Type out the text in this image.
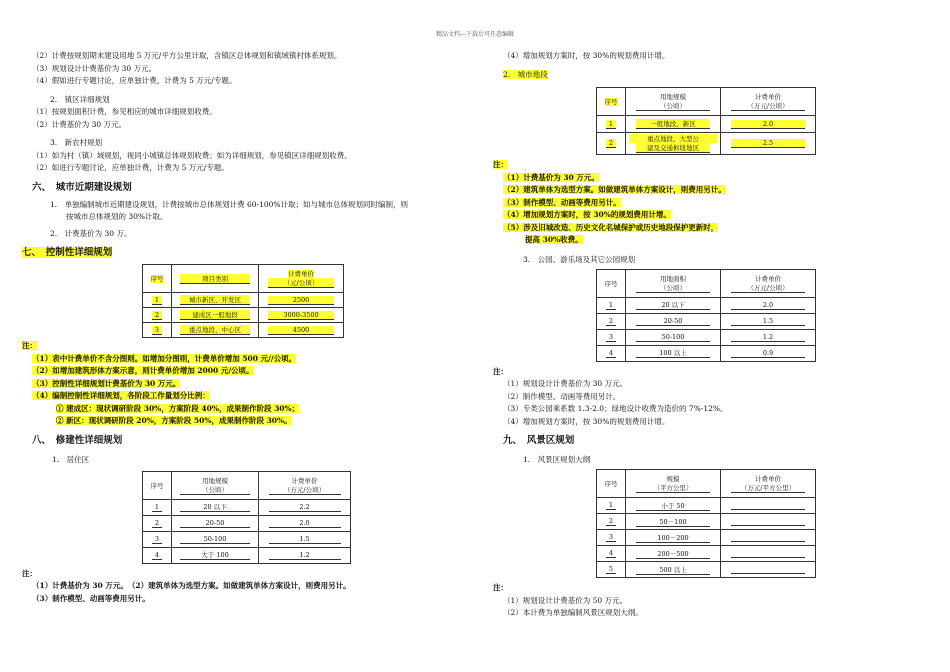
精品文档---下载后可任意编辑
（2）计费按规划期末建设用地 5 万元/平方公里计取，含镇区总体规划和镇域镇村体系规划。
（3）规划设计计费基价为 30 万元。
（4）假如进行专题讨论，应单独计费，计费为 5 万元/专题。
2.　镇区详细规划
（1）按规划面积计费，参见相应的城市详细规划收费。
（2）计费基价为 30 万元。
3.　新农村规划
（1）如为村（镇）域规划，视同小城镇总体规划收费；如为详细规划，参见镇区详细规划收费。
（2）如进行专题讨论，应单独计费，计费为 5 万元/专题。
六、　城市近期建设规划
1.　单独编制城市近期建设规划，计费按城市总体规划计费 60-100%计取；如与城市总体规划同时编制，则
按城市总体规划的 30%计取。
2.　计费基价为 30 万。
七、　控制性详细规划
序号	项目类别	计费单价
（元/公顷）

1	城市新区、开发区	2500

2	建成区一般地段	3000-3500

3	重点地段、中心区	4500
注：
（1）表中计费单价不含分图则。如增加分图则，计费单价增加 500 元//公顷。
（2）如增加建筑形体方案示意，则计费单价增加 2000 元/公顷。
（3）控制性详细规划计费基价为 30 万元。
（4）编制控制性详细规划，各阶段工作量划分比例：
① 建成区：现状调研阶段 30%，方案阶段 40%，成果制作阶段 30%；
② 新区：现状调研阶段 20%，方案阶段 50%，成果制作阶段 30%。
八、　修建性详细规划
1.　居住区
序号	用地规模
（公顷）	计费单价
（万元/公顷）

1	20 以下	2.2

2	20-50	2.0

3	50-100	1.5

4	大于 100	1.2
注：
（1）计费基价为 30 万元。　（2）建筑单体为选型方案。如做建筑单体方案设计，则费用另计。
（3）制作模型、动画等费用另计。
（4）增加规划方案时，按 30%的规划费用计增。
2.　城市地段
序号	用地规模
（公顷）	计费单价
（万元/公顷）

1	一般地段、新区	2.0

2	重点地段、大型公
建及交通枢纽地区	2.5
注：
（1）计费基价为 30 万元。
（2）建筑单体为选型方案。如做建筑单体方案设计，则费用另计。
（3）制作模型、动画等费用另计。
（4）增加规划方案时，按 30%的规划费用计增。
（5）涉及旧城改造、历史文化名城保护或历史地段保护更新时，
提高 30%收费。
3.　公园、游乐场及其它公园规划
序号	用地面积
（公顷）	计费单价
（万元/公顷）

1	20 以下	2.0

2	20-50	1.5

3	50-100	1.2

4	100 以上	0.9
注：
（1）规划设计计费基价为 30 万元。
（2）制作模型、动画等费用另计。
（3）专类公园乘系数 1.3-2.0；绿地设计收费为造价的 7%-12%。
（4）增加规划方案时，按 30%的规划费用计增。
九、　风景区规划
1.　风景区规划大纲
序号	规模
（平方公里）	计费单价
（万元/平方公里）

1	小于 50	

2	50－100	

3	100－200	

4	200－500	

5	500 以上	

注：
（1）规划设计计费基价为 50 万元。
（2）本计费为单独编制风景区规划大纲。
